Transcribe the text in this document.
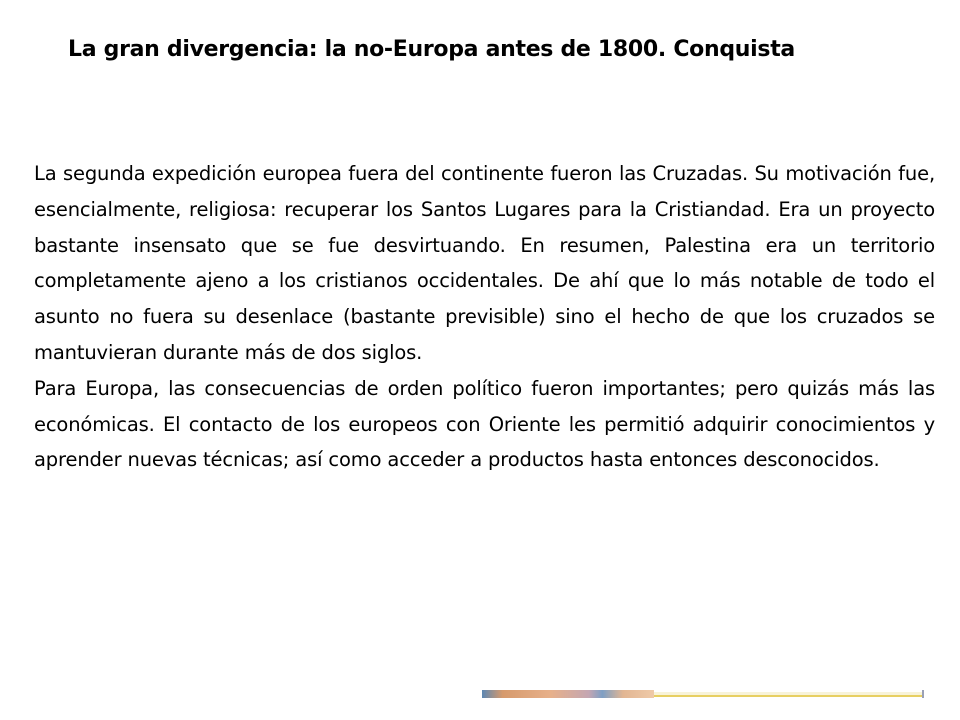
La gran divergencia: la no-Europa antes de 1800. Conquista

La segunda expedición europea fuera del continente fueron las Cruzadas. Su motivación fue, esencialmente, religiosa: recuperar los Santos Lugares para la Cristiandad. Era un proyecto bastante insensato que se fue desvirtuando. En resumen, Palestina era un territorio completamente ajeno a los cristianos occidentales. De ahí que lo más notable de todo el asunto no fuera su desenlace (bastante previsible) sino el hecho de que los cruzados se mantuvieran durante más de dos siglos.

Para Europa, las consecuencias de orden político fueron importantes; pero quizás más las económicas. El contacto de los europeos con Oriente les permitió adquirir conocimientos y aprender nuevas técnicas; así como acceder a productos hasta entonces desconocidos.
